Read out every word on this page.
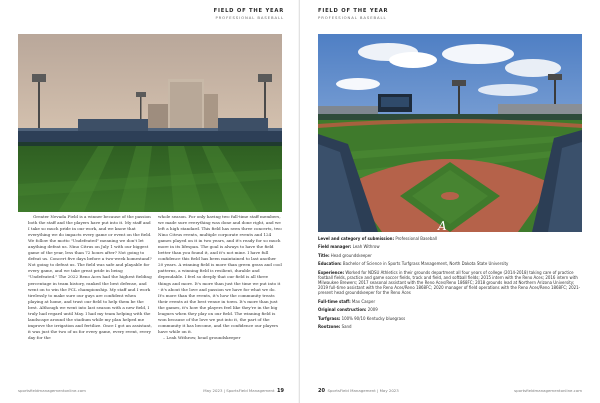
FIELD OF THE YEAR
PROFESSIONAL BASEBALL

Greater Nevada Field is a winner because of the passion both the staff and the players have put into it. My staff and I take so much pride in our work, and we know that everything we do impacts every game or event on the field. We follow the motto "Undefeated" meaning we don't let anything defeat us. Nino Citrus on July 1 with our biggest game of the year, less than 72 hours after? Not going to defeat us. Concert five days before a two-week homestand? Not going to defeat us. The field was safe and playable for every game, and we take great pride in being "Undefeated." The 2022 Reno Aces had the highest fielding percentage in team history, ranked the best defense, and went on to win the PCL championship. My staff and I work tirelessly to make sure our guys are confident when playing at home, and trust our field to help them be the best. Although we went into last season with a new field, I truly had regard until May. I had my team helping with the landscape around the stadium while my plan helped me improve the irrigation and fertilize. Once I got an assistant, it was just the two of us for every game, every event, every day for the

whole season. For only having two full-time staff members, we made sure everything was done and done right, and we left a high standard. This field has seen three concerts, two Nino Citrus events, multiple corporate events and 124 games played on it in two years, and it's ready for so much more in its lifespan. The goal is always to have the field better than you found it, and it's not mine. I have full confidence this field has been maintained to last another 20 years. A winning field is more than green grass and cool patterns, a winning field is resilient, durable and dependable. I feel so deeply that our field is all three things and more. It's more than just the time we put into it - it's about the love and passion we have for what we do. It's more than the events, it's how the community treats their events at the best venue in town. It's more than just the games, it's how the players feel like they're in the big leagues when they play on our field. The winning field is won because of the love we put into it, the part of the community it has become, and the confidence our players have while on it.
– Leah Withrow, head groundskeeper
sportsfieldmanagementonline.com	May 2023 | SportsField Management 19
FIELD OF THE YEAR
PROFESSIONAL BASEBALL
A
Level and category of submission: Professional Baseball
Field manager: Leah Withrow
Title: Head groundskeeper
Education: Bachelor of Science in Sports Turfgrass Management, North Dakota State University
Experience: Worked for NDSU Athletics in their grounds department all four years of college (2014-2018) taking care of practice football fields, practice and game soccer fields, track and field, and softball fields; 2015 intern with the Reno Aces; 2016 intern with Milwaukee Brewers; 2017 seasonal assistant with the Reno Aces/Reno 1868FC; 2018 grounds lead at Northern Arizona University; 2019 full-time assistant with the Reno Aces/Reno 1868FC; 2020 manager of field operations with the Reno Aces/Reno 1868FC; 2021-present head groundskeeper for the Reno Aces
Full-time staff: Max Casper
Original construction: 2009
Turfgrass: 100% 90/10 Kentucky bluegrass
Rootzone: Sand
20 SportsField Management | May 2023	sportsfieldmanagementonline.com
